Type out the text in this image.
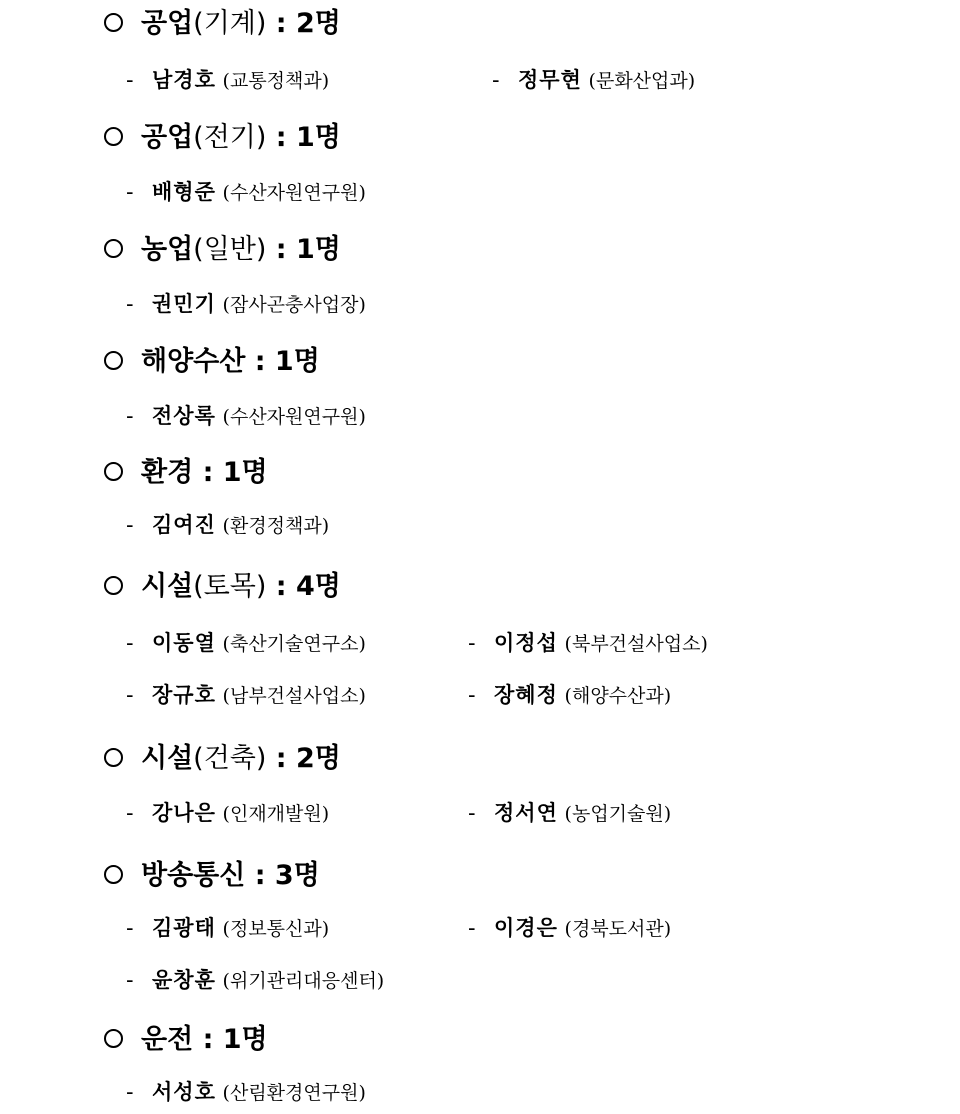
공업(기계) : 2명
- 남경호 (교통정책과)	- 정무현 (문화산업과)
공업(전기) : 1명
- 배형준 (수산자원연구원)
농업(일반) : 1명
- 권민기 (잠사곤충사업장)
해양수산 : 1명
- 전상록 (수산자원연구원)
환경 : 1명
- 김여진 (환경정책과)
시설(토목) : 4명
- 이동열 (축산기술연구소)	- 이정섭 (북부건설사업소)
- 장규호 (남부건설사업소)	- 장혜정 (해양수산과)
시설(건축) : 2명
- 강나은 (인재개발원)	- 정서연 (농업기술원)
방송통신 : 3명
- 김광태 (정보통신과)	- 이경은 (경북도서관)
- 윤창훈 (위기관리대응센터)
운전 : 1명
- 서성호 (산림환경연구원)
